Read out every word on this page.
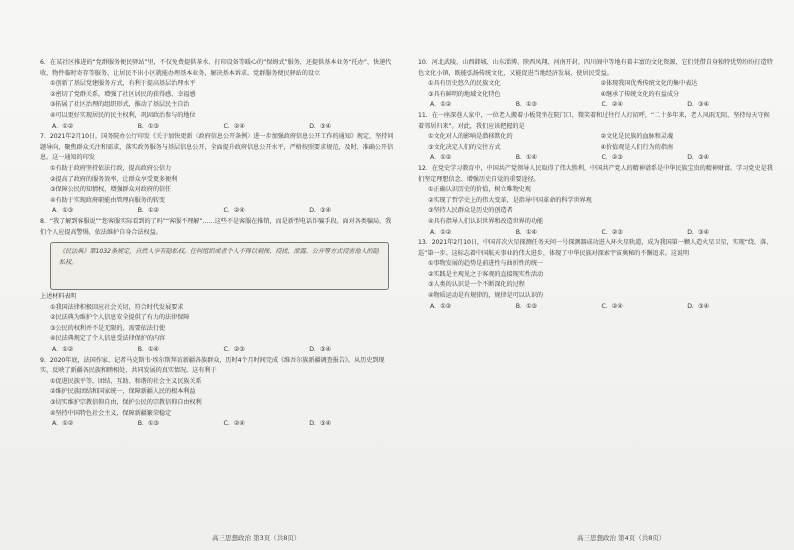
6．在某社区推进的“党群服务便民驿站”里，不仅免费提供茶水、打印设备等暖心的“保姆式”服务，还提供基本业务“托办”、快递代收、物件临时寄存等服务，让居民不出小区就能办理基本业务，解决基本诉求。党群服务便民驿站的设立
①创新了基层党建服务方式，有利于提高基层治理水平
②密切了党群关系，增强了社区居民的获得感、幸福感
③拓展了社区治理的组织形式，推动了基层民主自治
④可以更好实现居民的民主权利，巩固政治参与的地位
A．①②	B．①③	C．②④	D．③④
7．2021年2月10日，国务院办公厅印发《关于加快更新〈政府信息公开条例〉进一步加强政府信息公开工作的通知》规定，坚持问题导向，聚焦群众关注和需求，落实政务服务与基层信息公开，全面提升政府信息公开水平，严格按照要求规范，及时、准确公开信息。这一通知的印发
①有助于政府坚持依法行政，提高政府公信力
②提高了政府的服务效率，让群众享受更多便利
③保障公民的知情权，增强群众对政府的信任
④有助于实现政府职能由管理向服务的转变
A．①③	B．①②	C．②④	D．③④
8．“我了解到客服说”“您客服实际看到的了吗”“客服不理解”……这些不是客服在推销，而是新型电话诈骗手段。面对各类骗局，我们个人应提高警惕，依法维护自身合法权益。
《民法典》第1032条规定，自然人享有隐私权。任何组织或者个人不得以刺探、侵扰、泄露、公开等方式侵害他人的隐私权。
上述材料表明
①我国法律积极回应社会关切，符合时代发展要求
②民法典为维护个人信息安全提供了有力的法律保障
③公民的权利并不是无限的，需要依法行使
④民法典规定了个人信息受法律保护的内容
A．①②	B．①④	C．②③	D．③④
9．2020年底，法国作家、记者马克斯韦·埃尔斯拜访新疆各族群众，历时4个月时间完成《维吾尔族新疆调查报告》。从历史到现实，反映了新疆各民族和睦相处、共同发展的真实情况。这有利于
①促进民族平等，团结、互助、和谐的社会主义民族关系
②维护民族团结和国家统一，保障新疆人民的根本利益
③切实维护宗教信仰自由，保护公民的宗教信仰自由权利
④坚持中国特色社会主义，保障新疆繁荣稳定
A．①②	B．①③	C．②④	D．③④
10．河北武陵、山西韩城、山东淄博、陕西凤翔、河南开封，四川阆中等地有着丰富的文化资源，它们凭借自身独特优势纷纷打造特色文化小镇，既能弘扬传统文化，又能促进当地经济发展，使居民受益。
①具有历史悠久的民族文化	②体现我国优秀传统文化的集中表达
③具有鲜明的地域文化特色	④继承了传统文化的有益成分
A．①②	B．①③	C．②④	D．③④
11．在一座深巷人家中，一位老人搬着小板凳坐在院门口，微笑着和过往行人打招呼，“二十多年来，老人风雨无阻，坚持每天守候着邻居归来”。对此，我们应该把握的是
①文化对人的影响是潜移默化的	②文化是民族的血脉和灵魂
③文化决定人们的交往方式	④价值观是人们行为的指南
A．①②	B．①④	C．②③	D．③④
12．在党史学习教育中，中国共产党领导人民取得了伟大胜利，中国共产党人的精神谱系是中华民族宝贵的精神财富。学习党史是我们坚定理想信念、增强历史自觉的重要途径。
①正确认识历史的价值，树立唯物史观
②实现了哲学史上的伟大变革，是指导中国革命的科学世界观
③坚持人民群众是历史的创造者
④具有指导人们认识世界和改造世界的功能
A．①②	B．①④	C．②③	D．③④
13．2021年2月10日，中国首次火星探测任务天问一号探测器成功进入环火星轨道，成为我国第一颗人造火星卫星，实现“绕、落、巡”第一步。这标志着中国航天事业的伟大进步，体现了中华民族对探索宇宙奥秘的不懈追求。这说明
①事物发展的趋势是前进性与曲折性的统一
②实践是主观见之于客观的直接现实性活动
③人类的认识是一个不断深化的过程
④物质运动是有规律的，规律是可以认识的
A．①②	B．①③	C．②④	D．③④
高三思想政治 第3页（共8页）	高三思想政治 第4页（共8页）
